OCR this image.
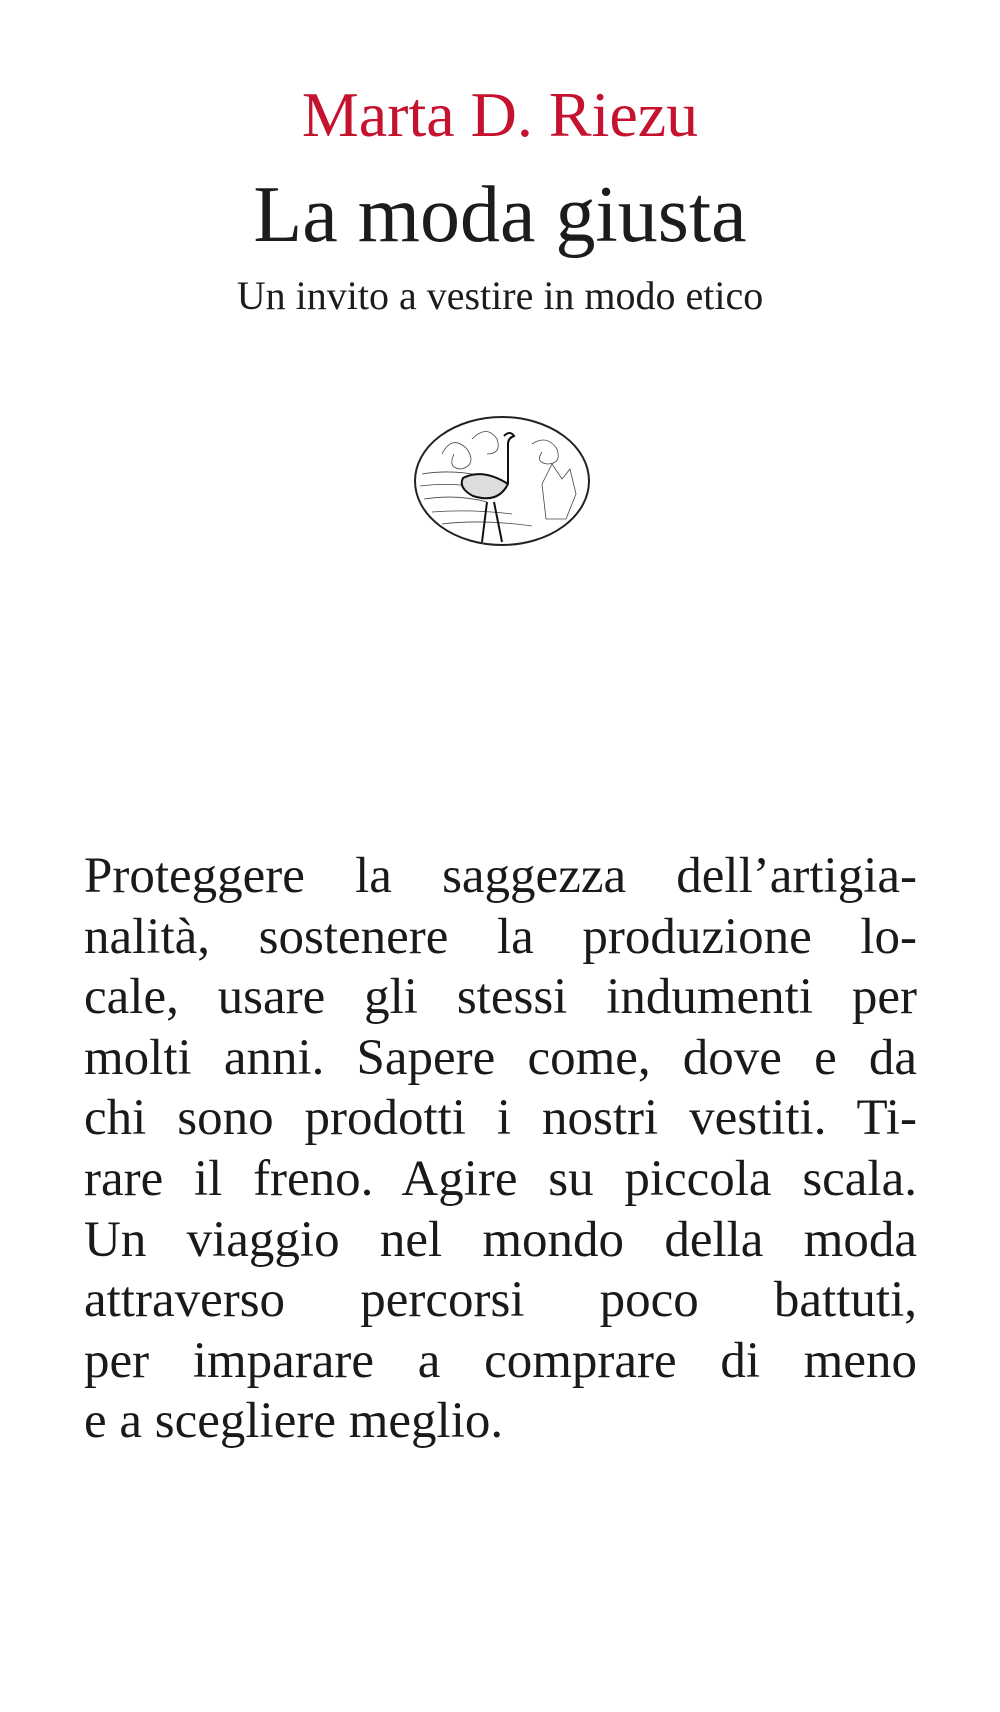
Marta D. Riezu
La moda giusta
Un invito a vestire in modo etico
Proteggere la saggezza dell’artigia-
nalità, sostenere la produzione lo-
cale, usare gli stessi indumenti per
molti anni. Sapere come, dove e da
chi sono prodotti i nostri vestiti. Ti-
rare il freno. Agire su piccola scala.
Un viaggio nel mondo della moda
attraverso percorsi poco battuti,
per imparare a comprare di meno
e a scegliere meglio.
